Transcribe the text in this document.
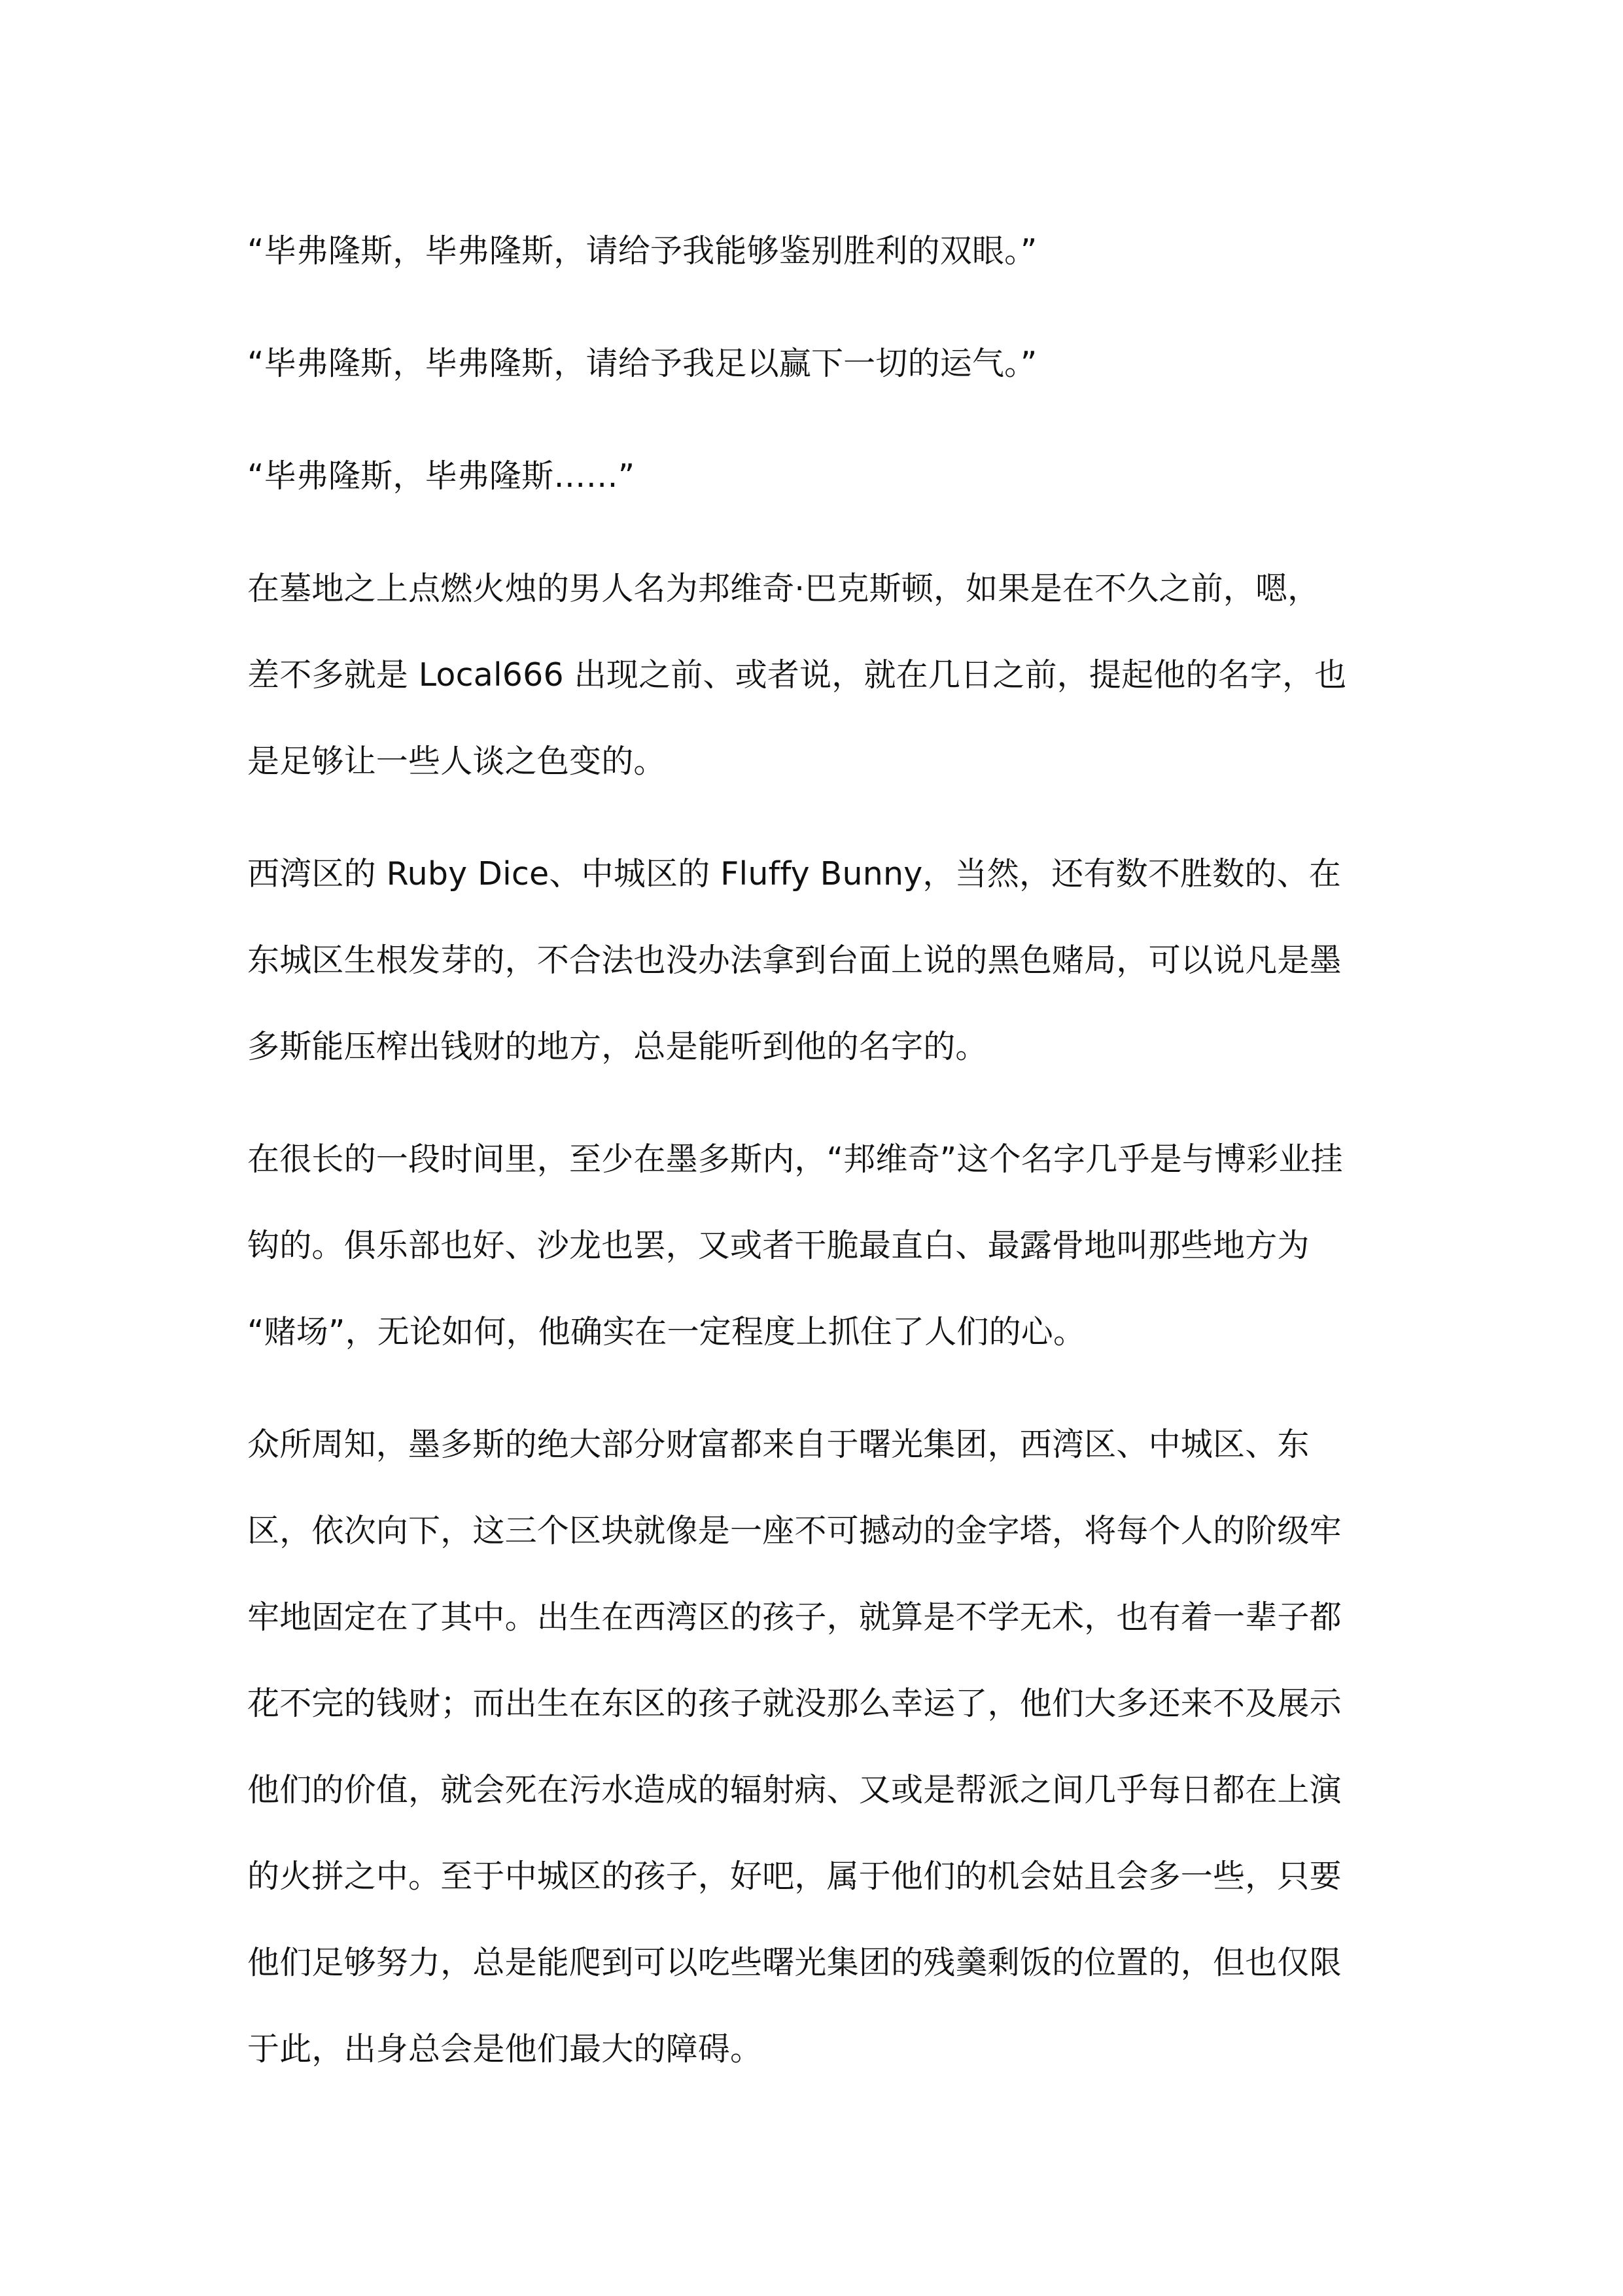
“毕弗隆斯，毕弗隆斯，请给予我能够鉴别胜利的双眼。”

“毕弗隆斯，毕弗隆斯，请给予我足以赢下一切的运气。”

“毕弗隆斯，毕弗隆斯……”

在墓地之上点燃火烛的男人名为邦维奇·巴克斯顿，如果是在不久之前，嗯，
差不多就是 Local666 出现之前、或者说，就在几日之前，提起他的名字，也
是足够让一些人谈之色变的。

西湾区的 Ruby Dice、中城区的 Fluffy Bunny，当然，还有数不胜数的、在
东城区生根发芽的，不合法也没办法拿到台面上说的黑色赌局，可以说凡是墨
多斯能压榨出钱财的地方，总是能听到他的名字的。

在很长的一段时间里，至少在墨多斯内，“邦维奇”这个名字几乎是与博彩业挂
钩的。俱乐部也好、沙龙也罢，又或者干脆最直白、最露骨地叫那些地方为
“赌场”，无论如何，他确实在一定程度上抓住了人们的心。

众所周知，墨多斯的绝大部分财富都来自于曙光集团，西湾区、中城区、东
区，依次向下，这三个区块就像是一座不可撼动的金字塔，将每个人的阶级牢
牢地固定在了其中。出生在西湾区的孩子，就算是不学无术，也有着一辈子都
花不完的钱财；而出生在东区的孩子就没那么幸运了，他们大多还来不及展示
他们的价值，就会死在污水造成的辐射病、又或是帮派之间几乎每日都在上演
的火拼之中。至于中城区的孩子，好吧，属于他们的机会姑且会多一些，只要
他们足够努力，总是能爬到可以吃些曙光集团的残羹剩饭的位置的，但也仅限
于此，出身总会是他们最大的障碍。
